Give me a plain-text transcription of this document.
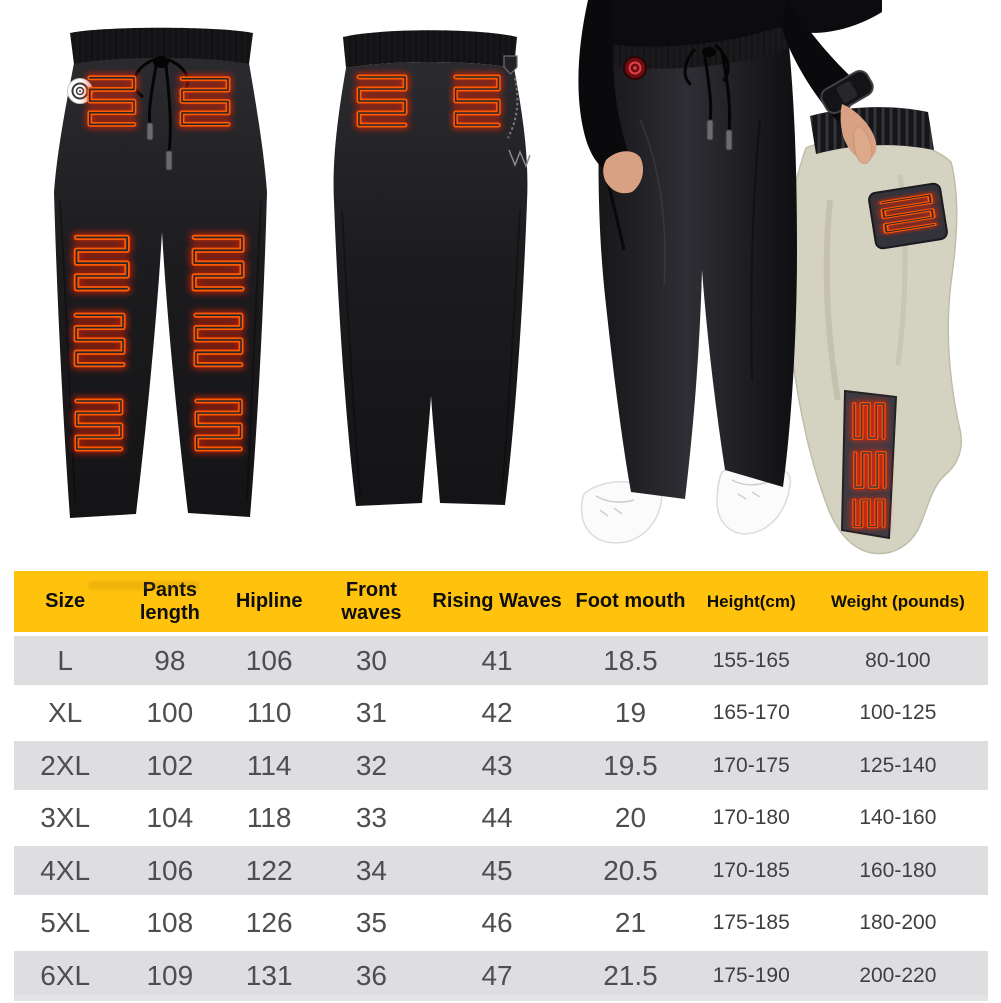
Size	Pants length	Hipline	Front waves	Rising Waves	Foot mouth	Height(cm)	Weight (pounds)
L	98	106	30	41	18.5	155-165	80-100
XL	100	110	31	42	19	165-170	100-125
2XL	102	114	32	43	19.5	170-175	125-140
3XL	104	118	33	44	20	170-180	140-160
4XL	106	122	34	45	20.5	170-185	160-180
5XL	108	126	35	46	21	175-185	180-200
6XL	109	131	36	47	21.5	175-190	200-220
